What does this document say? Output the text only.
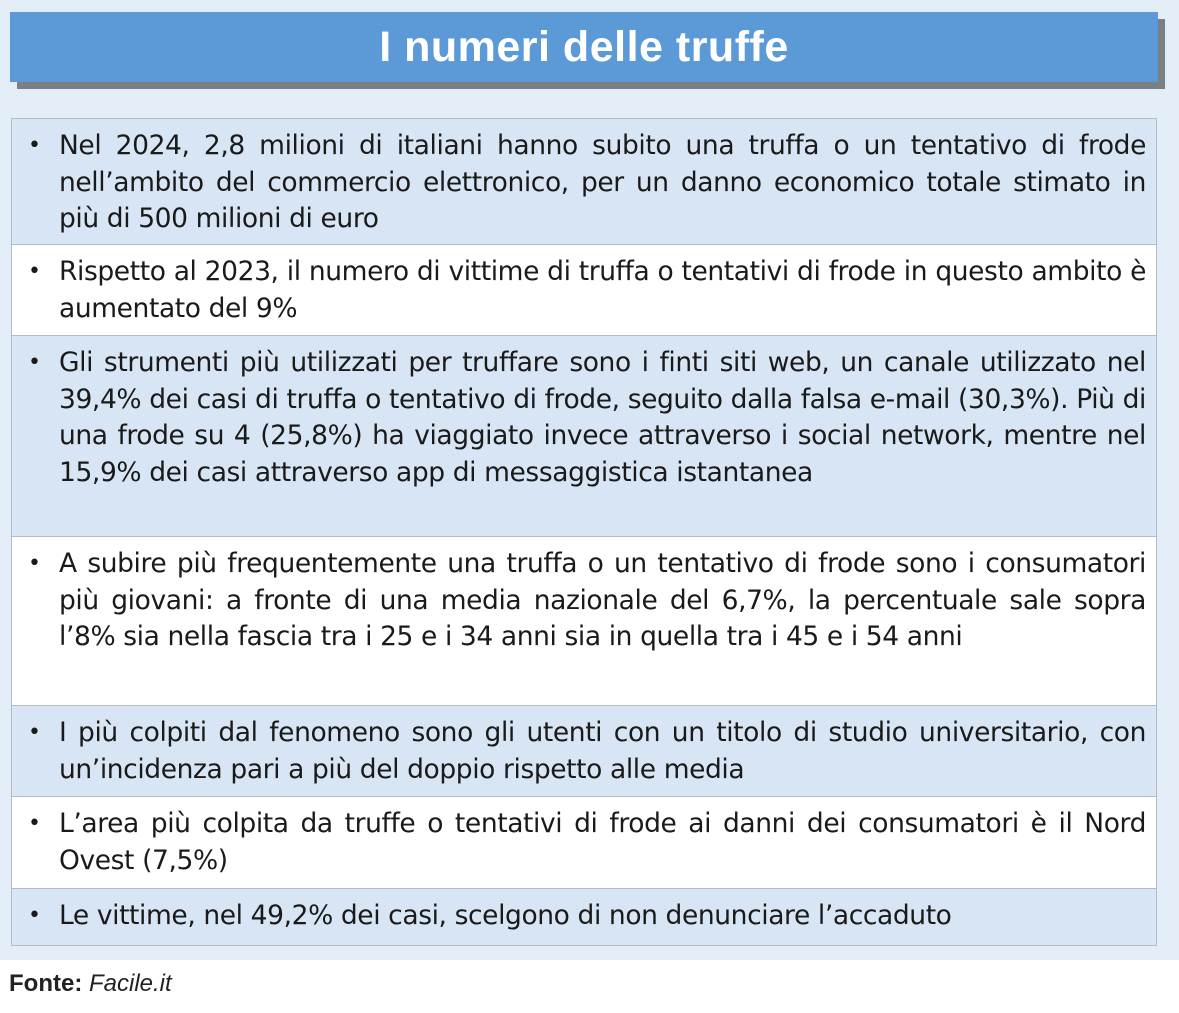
I numeri delle truffe
• Nel 2024, 2,8 milioni di italiani hanno subito una truffa o un tentativo di frode nell’ambito del commercio elettronico, per un danno economico totale stimato in più di 500 milioni di euro
• Rispetto al 2023, il numero di vittime di truffa o tentativi di frode in questo ambito è aumentato del 9%
• Gli strumenti più utilizzati per truffare sono i finti siti web, un canale utilizzato nel 39,4% dei casi di truffa o tentativo di frode, seguito dalla falsa e-mail (30,3%). Più di una frode su 4 (25,8%) ha viaggiato invece attraverso i social network, mentre nel 15,9% dei casi attraverso app di messaggistica istantanea
• A subire più frequentemente una truffa o un tentativo di frode sono i consumatori più giovani: a fronte di una media nazionale del 6,7%, la percentuale sale sopra l’8% sia nella fascia tra i 25 e i 34 anni sia in quella tra i 45 e i 54 anni
• I più colpiti dal fenomeno sono gli utenti con un titolo di studio universitario, con un’incidenza pari a più del doppio rispetto alle media
• L’area più colpita da truffe o tentativi di frode ai danni dei consumatori è il Nord Ovest (7,5%)
• Le vittime, nel 49,2% dei casi, scelgono di non denunciare l’accaduto
Fonte: Facile.it
